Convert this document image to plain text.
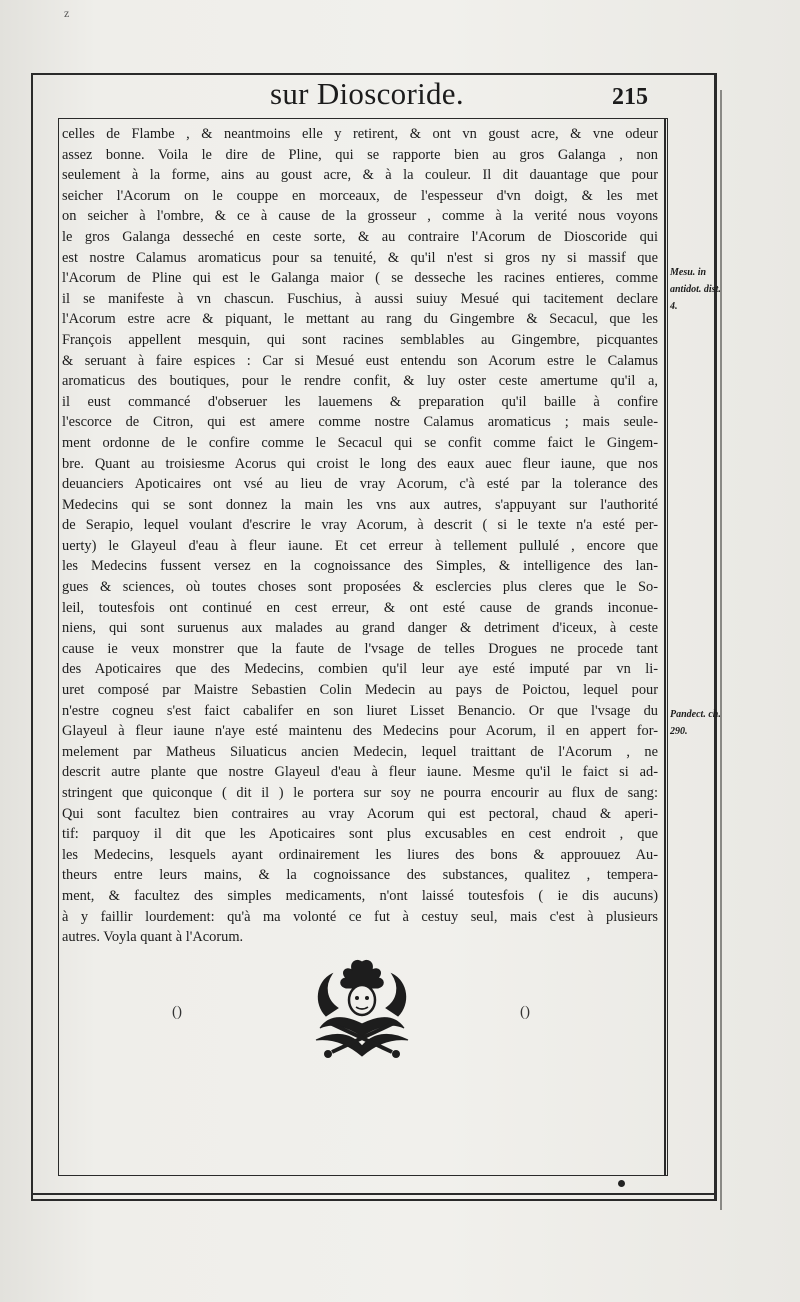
z
sur Dioscoride.	215
celles de Flambe , & neantmoins elle y retirent, & ont vn goust acre, & vne odeur
assez bonne. Voila le dire de Pline, qui se rapporte bien au gros Galanga , non
seulement à la forme, ains au goust acre, & à la couleur. Il dit dauantage que pour
seicher l'Acorum on le couppe en morceaux, de l'espesseur d'vn doigt, & les met
on seicher à l'ombre, & ce à cause de la grosseur , comme à la verité nous voyons
le gros Galanga desseché en ceste sorte, & au contraire l'Acorum de Dioscoride qui
est nostre Calamus aromaticus pour sa tenuité, & qu'il n'est si gros ny si massif que
l'Acorum de Pline qui est le Galanga maior ( se desseche les racines entieres, comme
il se manifeste à vn chascun. Fuschius, à aussi suiuy Mesué qui tacitement declare
l'Acorum estre acre & piquant, le mettant au rang du Gingembre & Secacul, que les
François appellent mesquin, qui sont racines semblables au Gingembre, picquantes
& seruant à faire espices : Car si Mesué eust entendu son Acorum estre le Calamus
aromaticus des boutiques, pour le rendre confit, & luy oster ceste amertume qu'il a,
il eust commancé d'obseruer les lauemens & preparation qu'il baille à confire
l'escorce de Citron, qui est amere comme nostre Calamus aromaticus ; mais seule-
ment ordonne de le confire comme le Secacul qui se confit comme faict le Gingem-
bre. Quant au troisiesme Acorus qui croist le long des eaux auec fleur iaune, que nos
deuanciers Apoticaires ont vsé au lieu de vray Acorum, c'à esté par la tolerance des
Medecins qui se sont donnez la main les vns aux autres, s'appuyant sur l'authorité
de Serapio, lequel voulant d'escrire le vray Acorum, à descrit ( si le texte n'a esté per-
uerty) le Glayeul d'eau à fleur iaune. Et cet erreur à tellement pullulé , encore que
les Medecins fussent versez en la cognoissance des Simples, & intelligence des lan-
gues & sciences, où toutes choses sont proposées & esclercies plus cleres que le So-
leil, toutesfois ont continué en cest erreur, & ont esté cause de grands inconue-
niens, qui sont suruenus aux malades au grand danger & detriment d'iceux, à ceste
cause ie veux monstrer que la faute de l'vsage de telles Drogues ne procede tant
des Apoticaires que des Medecins, combien qu'il leur aye esté imputé par vn li-
uret composé par Maistre Sebastien Colin Medecin au pays de Poictou, lequel pour
n'estre cogneu s'est faict cabalifer en son liuret Lisset Benancio. Or que l'vsage du
Glayeul à fleur iaune n'aye esté maintenu des Medecins pour Acorum, il en appert for-
melement par Matheus Siluaticus ancien Medecin, lequel traittant de l'Acorum , ne
descrit autre plante que nostre Glayeul d'eau à fleur iaune. Mesme qu'il le faict si ad-
stringent que quiconque ( dit il ) le portera sur soy ne pourra encourir au flux de sang:
Qui sont facultez bien contraires au vray Acorum qui est pectoral, chaud & aperi-
tif: parquoy il dit que les Apoticaires sont plus excusables en cest endroit , que
les Medecins, lesquels ayant ordinairement les liures des bons & approuuez Au-
theurs entre leurs mains, & la cognoissance des substances, qualitez , tempera-
ment, & facultez des simples medicaments, n'ont laissé toutesfois ( ie dis aucuns)
à y faillir lourdement: qu'à ma volonté ce fut à cestuy seul, mais c'est à plusieurs
autres. Voyla quant à l'Acorum.
Mesu. in antidot. dist. 4.
Pandect. ch. 290.
()	()
